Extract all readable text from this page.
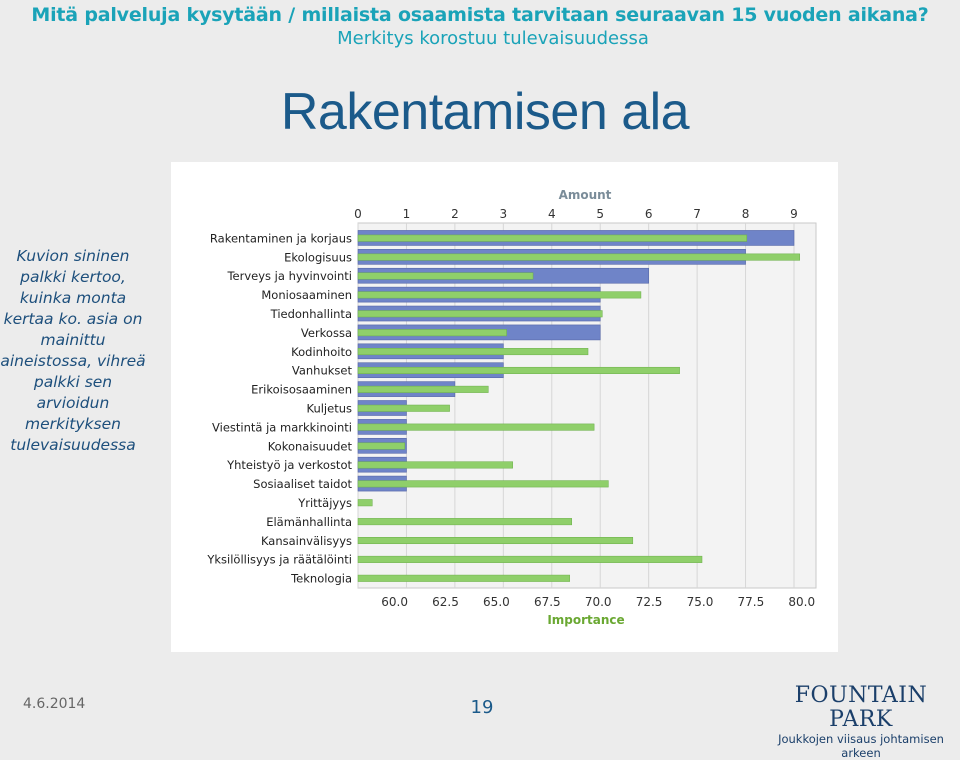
Mitä palveluja kysytään / millaista osaamista tarvitaan seuraavan 15 vuoden aikana?
Merkitys korostuu tulevaisuudessa
Rakentamisen ala
Kuvion sininen palkki kertoo, kuinka monta kertaa ko. asia on mainittu aineistossa, vihreä palkki sen arvioidun merkityksen tulevaisuudessa
0	1	2	3	4	5	6	7	8	9
Amount
Rakentaminen ja korjaus
Ekologisuus
Terveys ja hyvinvointi
Moniosaaminen
Tiedonhallinta
Verkossa
Kodinhoito
Vanhukset
Erikoisosaaminen
Kuljetus
Viestintä ja markkinointi
Kokonaisuudet
Yhteistyö ja verkostot
Sosiaaliset taidot
Yrittäjyys
Elämänhallinta
Kansainvälisyys
Yksilöllisyys ja räätälöinti
Teknologia
60.0 62.5 65.0 67.5 70.0 72.5 75.0 77.5 80.0
Importance
4.6.2014	19	FOUNTAIN PARK
Joukkojen viisaus johtamisen arkeen
